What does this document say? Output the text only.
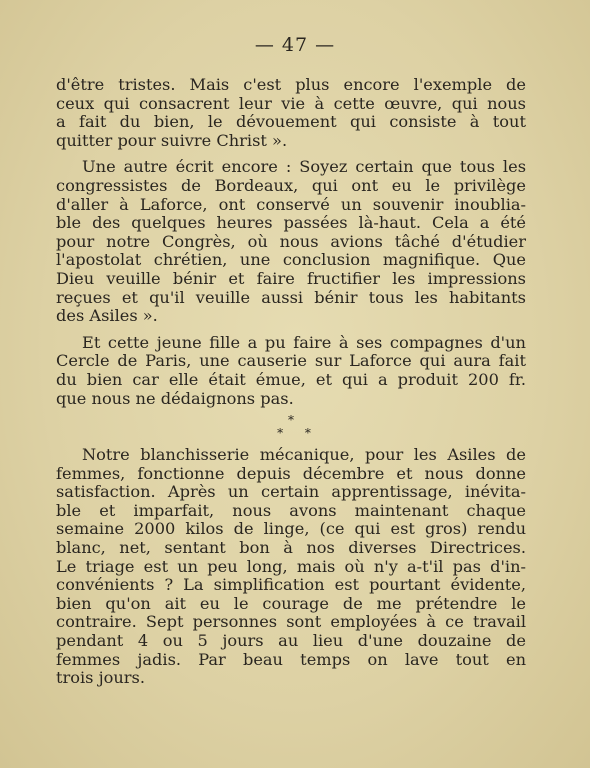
— 47 —
d'être tristes. Mais c'est plus encore l'exemple de
ceux qui consacrent leur vie à cette œuvre, qui nous
a fait du bien, le dévouement qui consiste à tout
quitter pour suivre Christ ».
Une autre écrit encore : Soyez certain que tous les
congressistes de Bordeaux, qui ont eu le privilège
d'aller à Laforce, ont conservé un souvenir inoublia-
ble des quelques heures passées là-haut. Cela a été
pour notre Congrès, où nous avions tâché d'étudier
l'apostolat chrétien, une conclusion magnifique. Que
Dieu veuille bénir et faire fructifier les impressions
reçues et qu'il veuille aussi bénir tous les habitants
des Asiles ».
Et cette jeune fille a pu faire à ses compagnes d'un
Cercle de Paris, une causerie sur Laforce qui aura fait
du bien car elle était émue, et qui a produit 200 fr.
que nous ne dédaignons pas.
*
* *
Notre blanchisserie mécanique, pour les Asiles de
femmes, fonctionne depuis décembre et nous donne
satisfaction. Après un certain apprentissage, inévita-
ble et imparfait, nous avons maintenant chaque
semaine 2000 kilos de linge, (ce qui est gros) rendu
blanc, net, sentant bon à nos diverses Directrices.
Le triage est un peu long, mais où n'y a-t'il pas d'in-
convénients ? La simplification est pourtant évidente,
bien qu'on ait eu le courage de me prétendre le
contraire. Sept personnes sont employées à ce travail
pendant 4 ou 5 jours au lieu d'une douzaine de
femmes jadis. Par beau temps on lave tout en
trois jours.
